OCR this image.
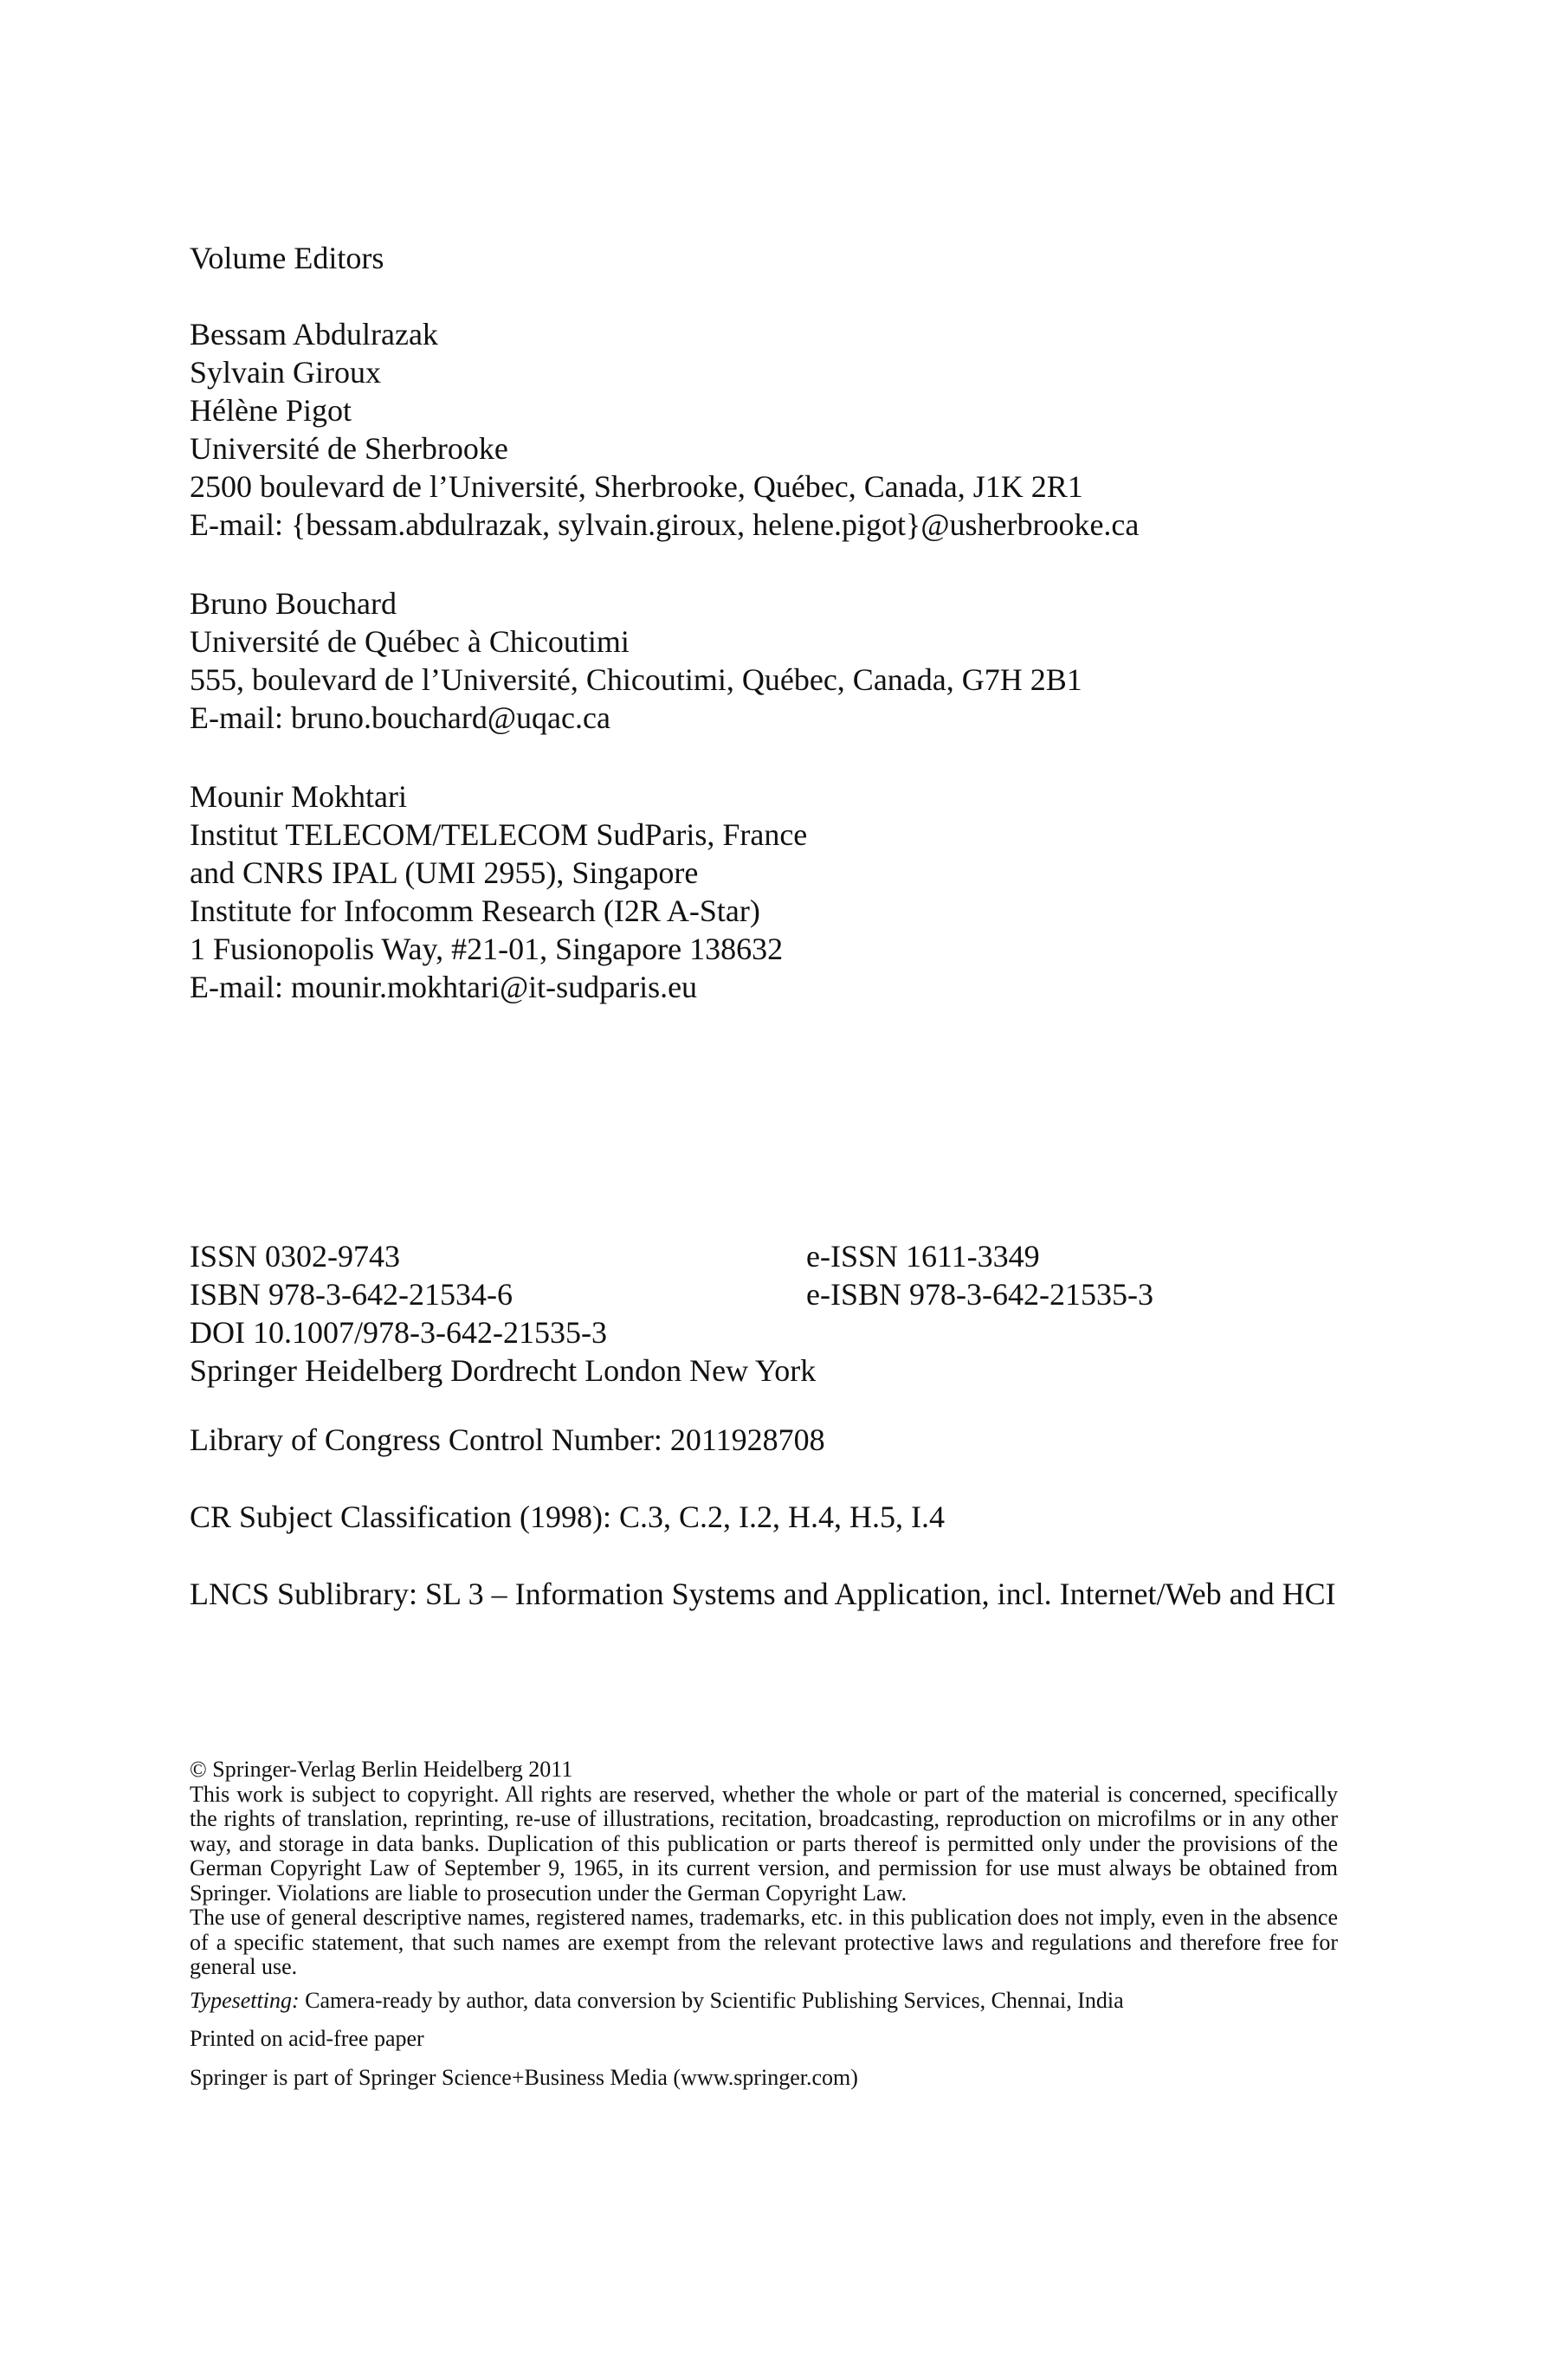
Volume Editors
Bessam Abdulrazak
Sylvain Giroux
Hélène Pigot
Université de Sherbrooke
2500 boulevard de l’Université, Sherbrooke, Québec, Canada, J1K 2R1
E-mail: {bessam.abdulrazak, sylvain.giroux, helene.pigot}@usherbrooke.ca
Bruno Bouchard
Université de Québec à Chicoutimi
555, boulevard de l’Université, Chicoutimi, Québec, Canada, G7H 2B1
E-mail: bruno.bouchard@uqac.ca
Mounir Mokhtari
Institut TELECOM/TELECOM SudParis, France
and CNRS IPAL (UMI 2955), Singapore
Institute for Infocomm Research (I2R A-Star)
1 Fusionopolis Way, #21-01, Singapore 138632
E-mail: mounir.mokhtari@it-sudparis.eu
ISSN 0302-9743	e-ISSN 1611-3349
ISBN 978-3-642-21534-6	e-ISBN 978-3-642-21535-3
DOI 10.1007/978-3-642-21535-3
Springer Heidelberg Dordrecht London New York
Library of Congress Control Number: 2011928708
CR Subject Classification (1998): C.3, C.2, I.2, H.4, H.5, I.4
LNCS Sublibrary: SL 3 – Information Systems and Application, incl. Internet/Web and HCI

© Springer-Verlag Berlin Heidelberg 2011

This work is subject to copyright. All rights are reserved, whether the whole or part of the material is concerned, specifically the rights of translation, reprinting, re-use of illustrations, recitation, broadcasting, reproduction on microfilms or in any other way, and storage in data banks. Duplication of this publication or parts thereof is permitted only under the provisions of the German Copyright Law of September 9, 1965, in its current version, and permission for use must always be obtained from Springer. Violations are liable to prosecution under the German Copyright Law.

The use of general descriptive names, registered names, trademarks, etc. in this publication does not imply, even in the absence of a specific statement, that such names are exempt from the relevant protective laws and regulations and therefore free for general use.

Typesetting: Camera-ready by author, data conversion by Scientific Publishing Services, Chennai, India

Printed on acid-free paper

Springer is part of Springer Science+Business Media (www.springer.com)
